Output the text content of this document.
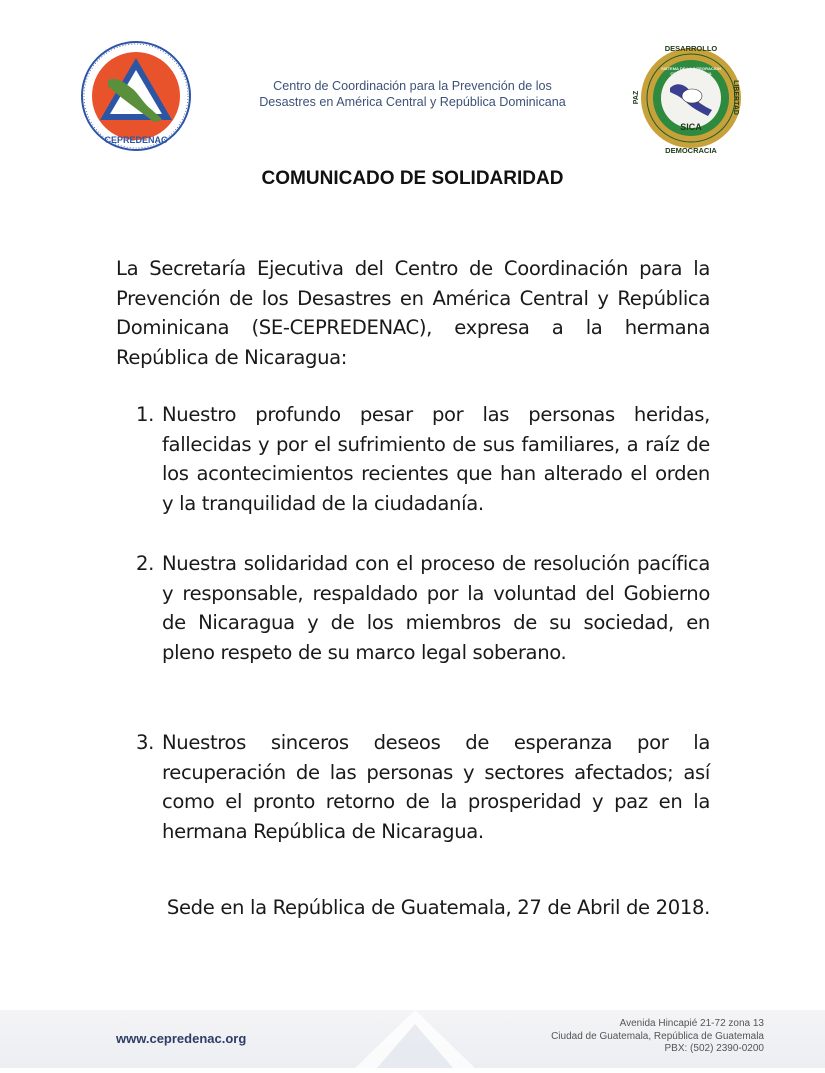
CEPREDENAC
Centro de Coordinación para la Prevención de los
Desastres en América Central y República Dominicana
DESARROLLO
PAZ	LIBERTAD
SISTEMA DE LA INTEGRACION CENTROAMERICANA
SICA
DEMOCRACIA
COMUNICADO DE SOLIDARIDAD
La Secretaría Ejecutiva del Centro de Coordinación para la Prevención de los Desastres en América Central y República Dominicana (SE-CEPREDENAC), expresa a la hermana República de Nicaragua:
1. Nuestro profundo pesar por las personas heridas, fallecidas y por el sufrimiento de sus familiares, a raíz de los acontecimientos recientes que han alterado el orden y la tranquilidad de la ciudadanía.
2. Nuestra solidaridad con el proceso de resolución pacífica y responsable, respaldado por la voluntad del Gobierno de Nicaragua y de los miembros de su sociedad, en pleno respeto de su marco legal soberano.
3. Nuestros sinceros deseos de esperanza por la recuperación de las personas y sectores afectados; así como el pronto retorno de la prosperidad y paz en la hermana República de Nicaragua.
Sede en la República de Guatemala, 27 de Abril de 2018.
www.cepredenac.org
Avenida Hincapié 21-72 zona 13
Ciudad de Guatemala, República de Guatemala
PBX: (502) 2390-0200
